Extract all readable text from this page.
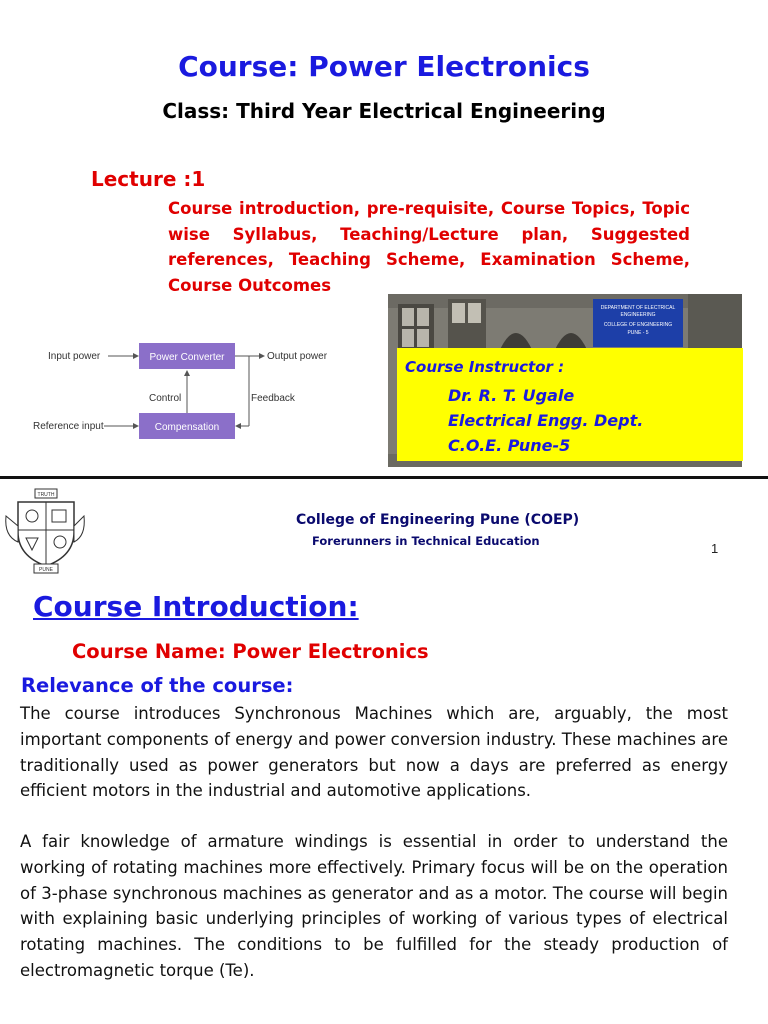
Course: Power Electronics
Class: Third Year Electrical Engineering
Lecture :1
Course introduction, pre-requisite, Course Topics, Topic wise Syllabus, Teaching/Lecture plan, Suggested references, Teaching Scheme, Examination Scheme, Course Outcomes
Input power	Power Converter	Output power
Feedback
Control
Compensation
Reference input
DEPARTMENT OF ELECTRICAL
ENGINEERING
COLLEGE OF ENGINEERING
PUNE - 5
Course Instructor :
Dr. R. T. Ugale
Electrical Engg. Dept.
C.O.E. Pune-5
TRUTH
PUNE
College of Engineering Pune (COEP)
Forerunners in Technical Education	1
Course Introduction:
Course Name: Power Electronics
Relevance of the course:
The course introduces Synchronous Machines which are, arguably, the most important components of energy and power conversion industry. These machines are traditionally used as power generators but now a days are preferred as energy efficient motors in the industrial and automotive applications.
A fair knowledge of armature windings is essential in order to understand the working of rotating machines more effectively. Primary focus will be on the operation of 3-phase synchronous machines as generator and as a motor. The course will begin with explaining basic underlying principles of working of various types of electrical rotating machines. The conditions to be fulfilled for the steady production of electromagnetic torque (Te).
